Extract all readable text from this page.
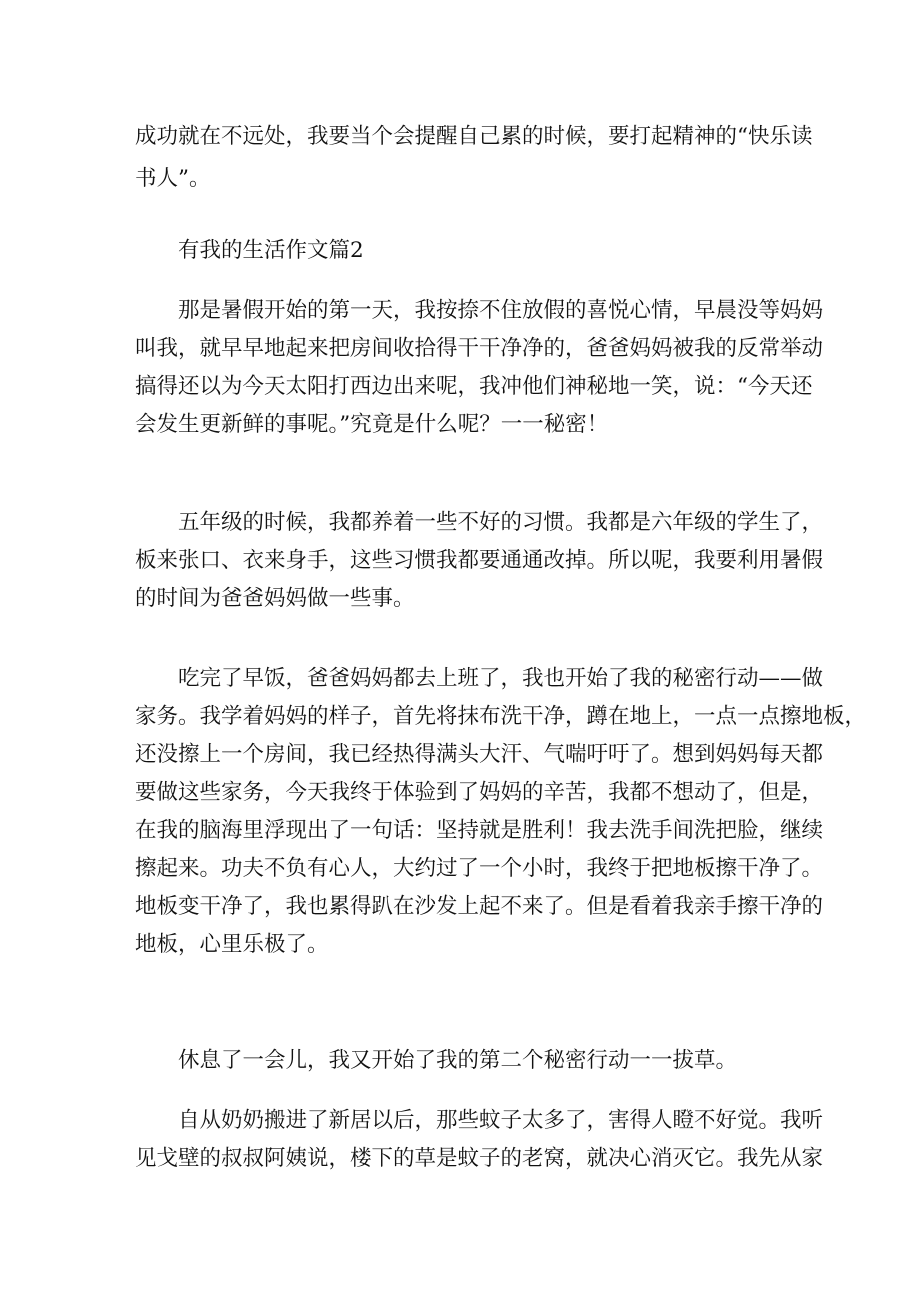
成功就在不远处，我要当个会提醒自己累的时候，要打起精神的“快乐读
书人”。
有我的生活作文篇2
那是暑假开始的第一天，我按捺不住放假的喜悦心情，早晨没等妈妈
叫我，就早早地起来把房间收拾得干干净净的，爸爸妈妈被我的反常举动
搞得还以为今天太阳打西边出来呢，我冲他们神秘地一笑，说：“今天还
会发生更新鲜的事呢。”究竟是什么呢？一一秘密！
五年级的时候，我都养着一些不好的习惯。我都是六年级的学生了，
板来张口、衣来身手，这些习惯我都要通通改掉。所以呢，我要利用暑假
的时间为爸爸妈妈做一些事。
吃完了早饭，爸爸妈妈都去上班了，我也开始了我的秘密行动——做
家务。我学着妈妈的样子，首先将抹布洗干净，蹲在地上，一点一点擦地板，
还没擦上一个房间，我已经热得满头大汗、气喘吁吁了。想到妈妈每天都
要做这些家务，今天我终于体验到了妈妈的辛苦，我都不想动了，但是，
在我的脑海里浮现出了一句话：坚持就是胜利！我去洗手间洗把脸，继续
擦起来。功夫不负有心人，大约过了一个小时，我终于把地板擦干净了。
地板变干净了，我也累得趴在沙发上起不来了。但是看着我亲手擦干净的
地板，心里乐极了。
休息了一会儿，我又开始了我的第二个秘密行动一一拔草。
自从奶奶搬进了新居以后，那些蚊子太多了，害得人瞪不好觉。我听
见戈壁的叔叔阿姨说，楼下的草是蚊子的老窝，就决心消灭它。我先从家
